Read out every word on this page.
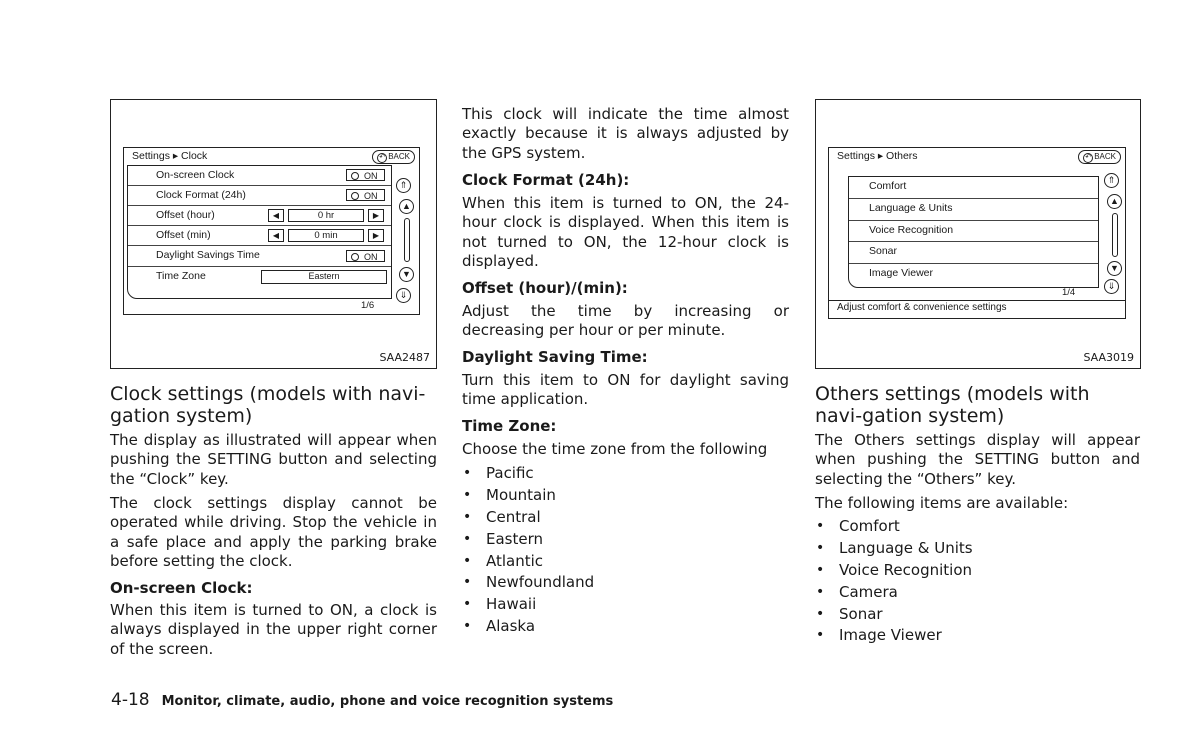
Settings ▸ Clock	↶ BACK
On-screen Clock	ON
Clock Format (24h)	ON
Offset (hour)	◀	0 hr	▶
Offset (min)	◀	0 min	▶
Daylight Savings Time	ON
Time Zone	Eastern
1/6
⇑
▲
▼
⇓
SAA2487
Settings ▸ Others	↶ BACK
Comfort
Language & Units
Voice Recognition
Sonar
Image Viewer
1/4
Adjust comfort & convenience settings
⇑
▲
▼
⇓
SAA3019
Clock settings (models with navi-gation system)

The display as illustrated will appear when pushing the SETTING button and selecting the “Clock” key.

The clock settings display cannot be operated while driving. Stop the vehicle in a safe place and apply the parking brake before setting the clock.

On-screen Clock:

When this item is turned to ON, a clock is always displayed in the upper right corner of the screen.

This clock will indicate the time almost exactly because it is always adjusted by the GPS system.

Clock Format (24h):

When this item is turned to ON, the 24-hour clock is displayed. When this item is not turned to ON, the 12-hour clock is displayed.

Offset (hour)/(min):

Adjust the time by increasing or decreasing per hour or per minute.

Daylight Saving Time:

Turn this item to ON for daylight saving time application.

Time Zone:

Choose the time zone from the following

• Pacific
• Mountain
• Central
• Eastern
• Atlantic
• Newfoundland
• Hawaii
• Alaska
Others settings (models with navi-gation system)

The Others settings display will appear when pushing the SETTING button and selecting the “Others” key.

The following items are available:

• Comfort
• Language & Units
• Voice Recognition
• Camera
• Sonar
• Image Viewer
4-18 Monitor, climate, audio, phone and voice recognition systems
